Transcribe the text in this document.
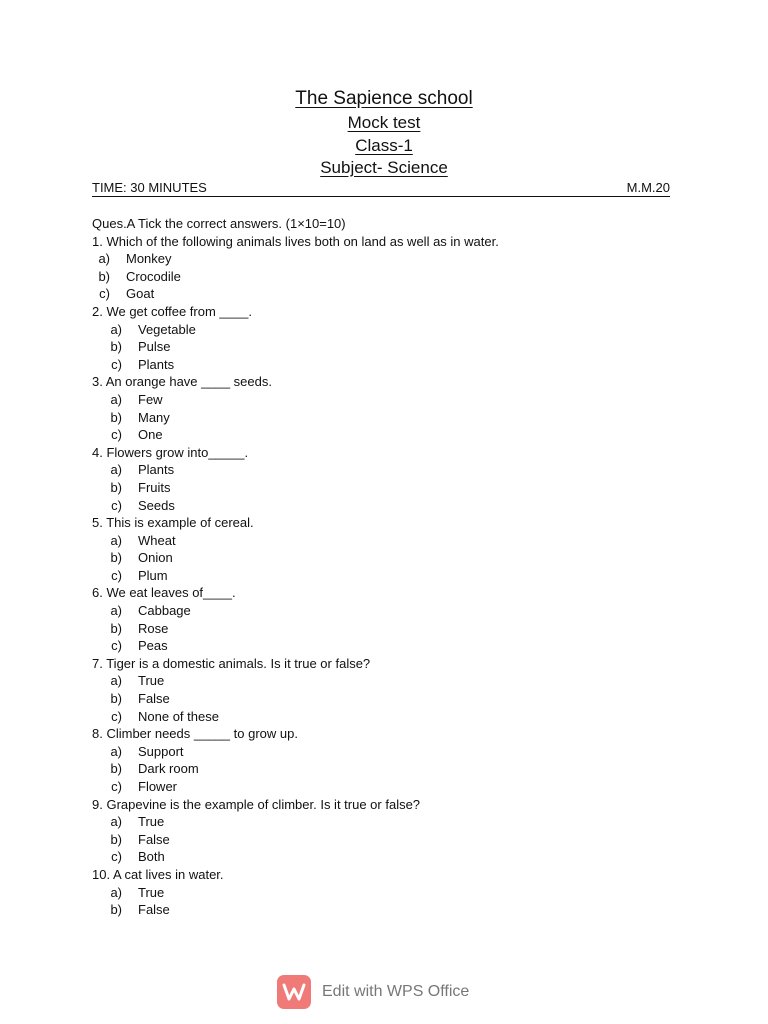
The Sapience school
Mock test
Class-1
Subject- Science
TIME: 30 MINUTES	M.M.20
Ques.A Tick the correct answers. (1×10=10)
1. Which of the following animals lives both on land as well as in water.
a) Monkey
b) Crocodile
c) Goat
2. We get coffee from ____.
a) Vegetable
b) Pulse
c) Plants
3. An orange have ____ seeds.
a) Few
b) Many
c) One
4. Flowers grow into_____.
a) Plants
b) Fruits
c) Seeds
5. This is example of cereal.
a) Wheat
b) Onion
c) Plum
6. We eat leaves of____.
a) Cabbage
b) Rose
c) Peas
7. Tiger is a domestic animals. Is it true or false?
a) True
b) False
c) None of these
8. Climber needs _____ to grow up.
a) Support
b) Dark room
c) Flower
9. Grapevine is the example of climber. Is it true or false?
a) True
b) False
c) Both
10. A cat lives in water.
a) True
b) False
Edit with WPS Office
